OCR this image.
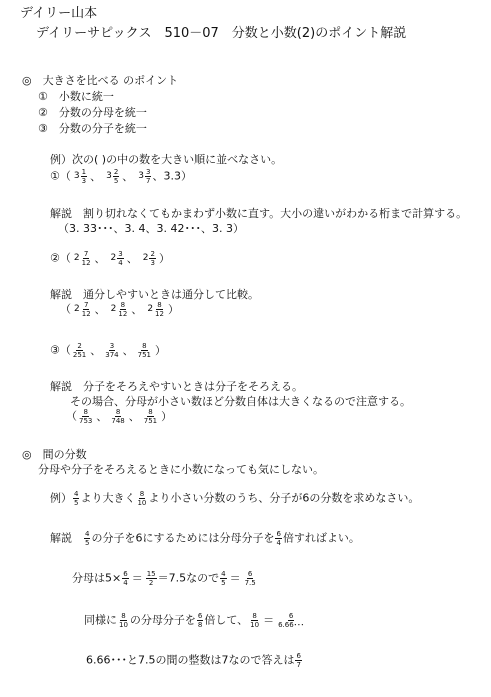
デイリー山本
デイリーサピックス　510－07　分数と小数(2)のポイント解説
◎　大きさを比べる のポイント
①　小数に統一
②　分数の分母を統一
③　分数の分子を統一
例）次の( )の中の数を大きい順に並べなさい。
①（ $3 \frac{1}{3}$ 、 $3 \frac{2}{5}$ 、 $3 \frac{3}{7}$ 、3.3）
解説　割り切れなくてもかまわず小数に直す。大小の違いがわかる桁まで計算する。
（3. 33･･･、3. 4、3. 42･･･、3. 3）
②（ $2 \frac{7}{12}$ 、 $2 \frac{3}{4}$ 、 $2 \frac{2}{3}$ ）
解説　通分しやすいときは通分して比較。
（ $2 \frac{7}{12}$ 、 $2 \frac{8}{12}$ 、 $2 \frac{8}{12}$ ）
③（ $\frac{2}{251}$ 、 $\frac{3}{374}$ 、 $\frac{8}{751}$ ）
解説　分子をそろえやすいときは分子をそろえる。
その場合、分母が小さい数ほど分数自体は大きくなるので注意する。
（ $\frac{8}{753}$ 、 $\frac{8}{748}$ 、 $\frac{8}{751}$ ）
◎　間の分数
分母や分子をそろえるときに小数になっても気にしない。
例） $\frac{4}{5}$ より大きく $\frac{8}{10}$ より小さい分数のうち、分子が6の分数を求めなさい。
解説　 $\frac{4}{5}$ の分子を6にするためには分母分子を $\frac{6}{4}$ 倍すればよい。
分母は$5\times \frac{6}{4} = \frac{15}{2} =7.5$なので $\frac{4}{5} = \frac{6}{7.5}$
同様に $\frac{8}{10}$ の分母分子を $\frac{6}{8}$ 倍して、 $\frac{8}{10} = \frac{6}{6.66･･･}$
6.66･･･と7.5の間の整数は7なので答えは $\frac{6}{7}$
